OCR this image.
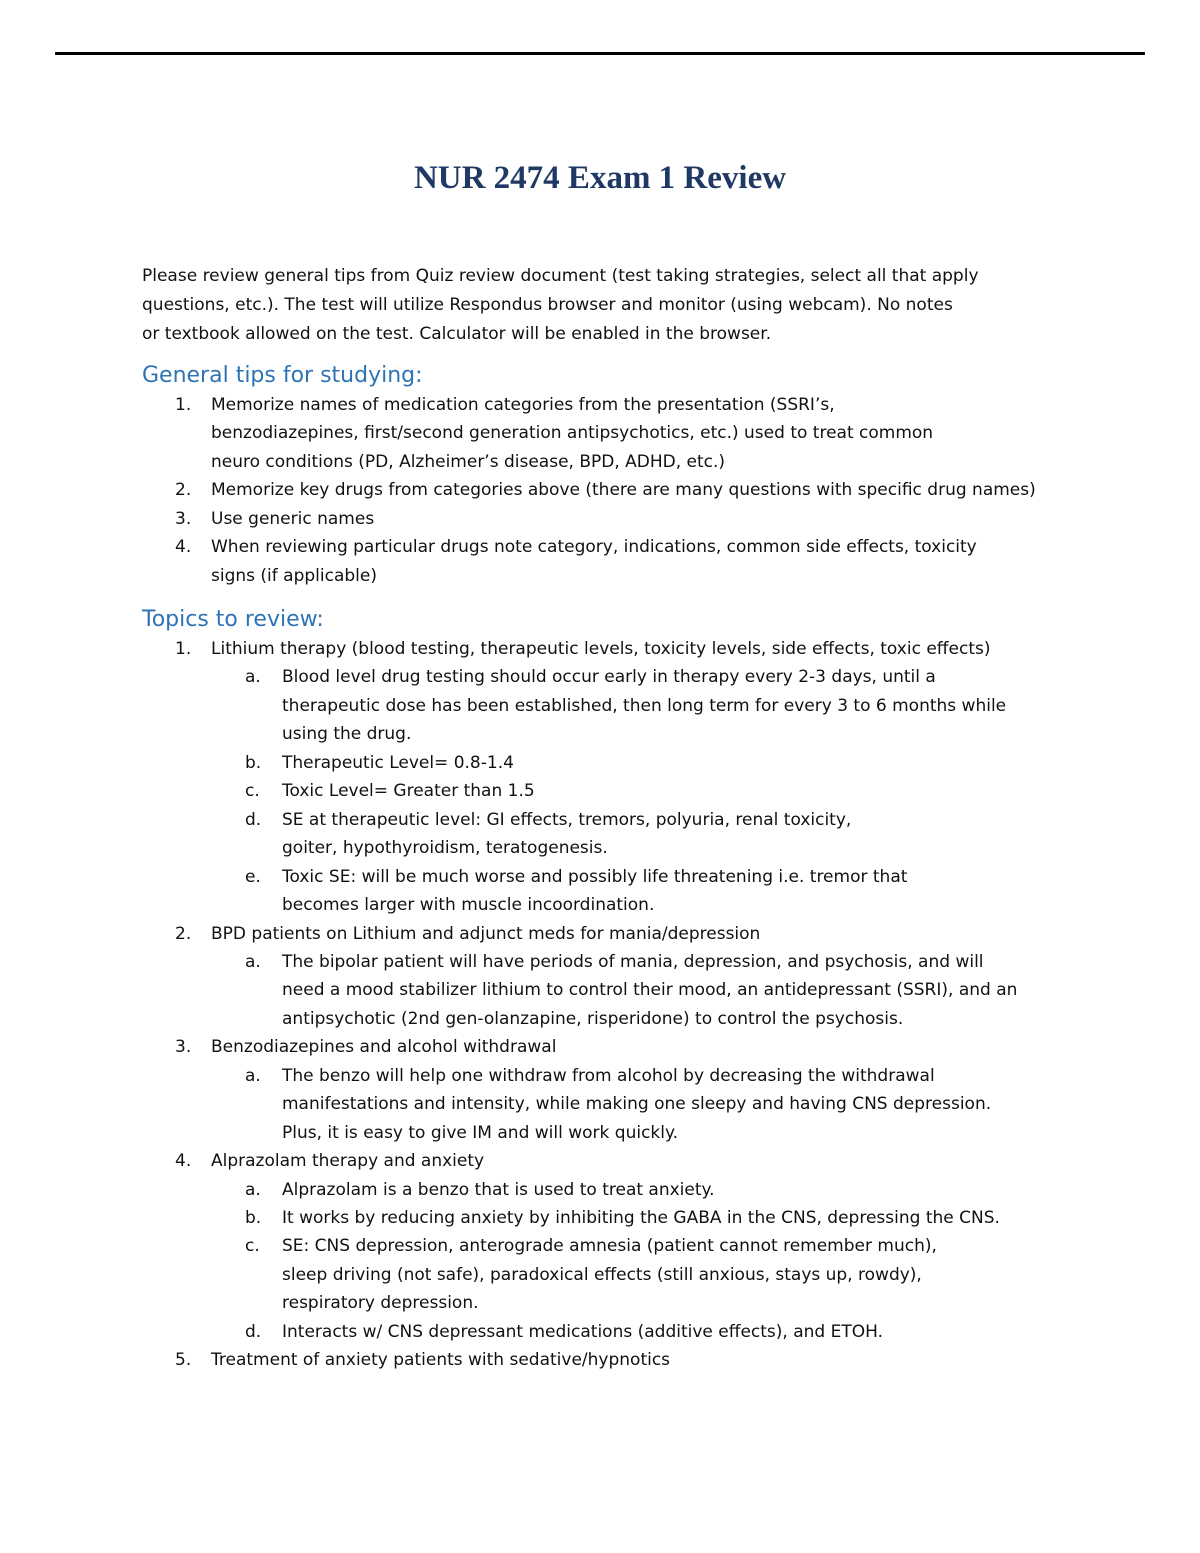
NUR 2474 Exam 1 Review
Please review general tips from Quiz review document (test taking strategies, select all that apply
questions, etc.). The test will utilize Respondus browser and monitor (using webcam). No notes
or textbook allowed on the test. Calculator will be enabled in the browser.
General tips for studying:
1. Memorize names of medication categories from the presentation (SSRI’s,
benzodiazepines, first/second generation antipsychotics, etc.) used to treat common
neuro conditions (PD, Alzheimer’s disease, BPD, ADHD, etc.)
2. Memorize key drugs from categories above (there are many questions with specific drug names)
3. Use generic names
4. When reviewing particular drugs note category, indications, common side effects, toxicity
signs (if applicable)
Topics to review:
1. Lithium therapy (blood testing, therapeutic levels, toxicity levels, side effects, toxic effects)
a. Blood level drug testing should occur early in therapy every 2-3 days, until a
therapeutic dose has been established, then long term for every 3 to 6 months while
using the drug.
b. Therapeutic Level= 0.8-1.4
c. Toxic Level= Greater than 1.5
d. SE at therapeutic level: GI effects, tremors, polyuria, renal toxicity,
goiter, hypothyroidism, teratogenesis.
e. Toxic SE: will be much worse and possibly life threatening i.e. tremor that
becomes larger with muscle incoordination.
2. BPD patients on Lithium and adjunct meds for mania/depression
a. The bipolar patient will have periods of mania, depression, and psychosis, and will
need a mood stabilizer lithium to control their mood, an antidepressant (SSRI), and an
antipsychotic (2nd gen-olanzapine, risperidone) to control the psychosis.
3. Benzodiazepines and alcohol withdrawal
a. The benzo will help one withdraw from alcohol by decreasing the withdrawal
manifestations and intensity, while making one sleepy and having CNS depression.
Plus, it is easy to give IM and will work quickly.
4. Alprazolam therapy and anxiety
a. Alprazolam is a benzo that is used to treat anxiety.
b. It works by reducing anxiety by inhibiting the GABA in the CNS, depressing the CNS.
c. SE: CNS depression, anterograde amnesia (patient cannot remember much),
sleep driving (not safe), paradoxical effects (still anxious, stays up, rowdy),
respiratory depression.
d. Interacts w/ CNS depressant medications (additive effects), and ETOH.
5. Treatment of anxiety patients with sedative/hypnotics
